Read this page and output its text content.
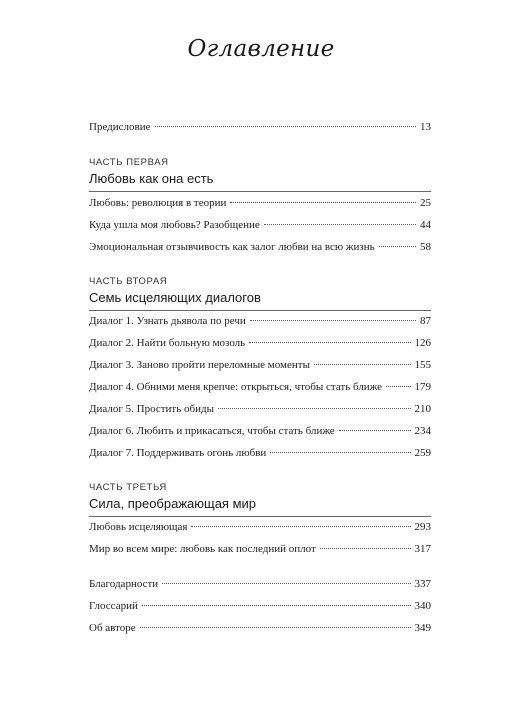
Оглавление
Предисловие	13
ЧАСТЬ ПЕРВАЯ
Любовь как она есть
Любовь: революция в теории	25
Куда ушла моя любовь? Разобщение	44
Эмоциональная отзывчивость как залог любви на всю жизнь	58
ЧАСТЬ ВТОРАЯ
Семь исцеляющих диалогов
Диалог 1. Узнать дьявола по речи	87
Диалог 2. Найти больную мозоль	126
Диалог 3. Заново пройти переломные моменты	155
Диалог 4. Обними меня крепче: открыться, чтобы стать ближе	179
Диалог 5. Простить обиды	210
Диалог 6. Любить и прикасаться, чтобы стать ближе	234
Диалог 7. Поддерживать огонь любви	259
ЧАСТЬ ТРЕТЬЯ
Сила, преображающая мир
Любовь исцеляющая	293
Мир во всем мире: любовь как последний оплот	317
Благодарности	337
Глоссарий	340
Об авторе	349
